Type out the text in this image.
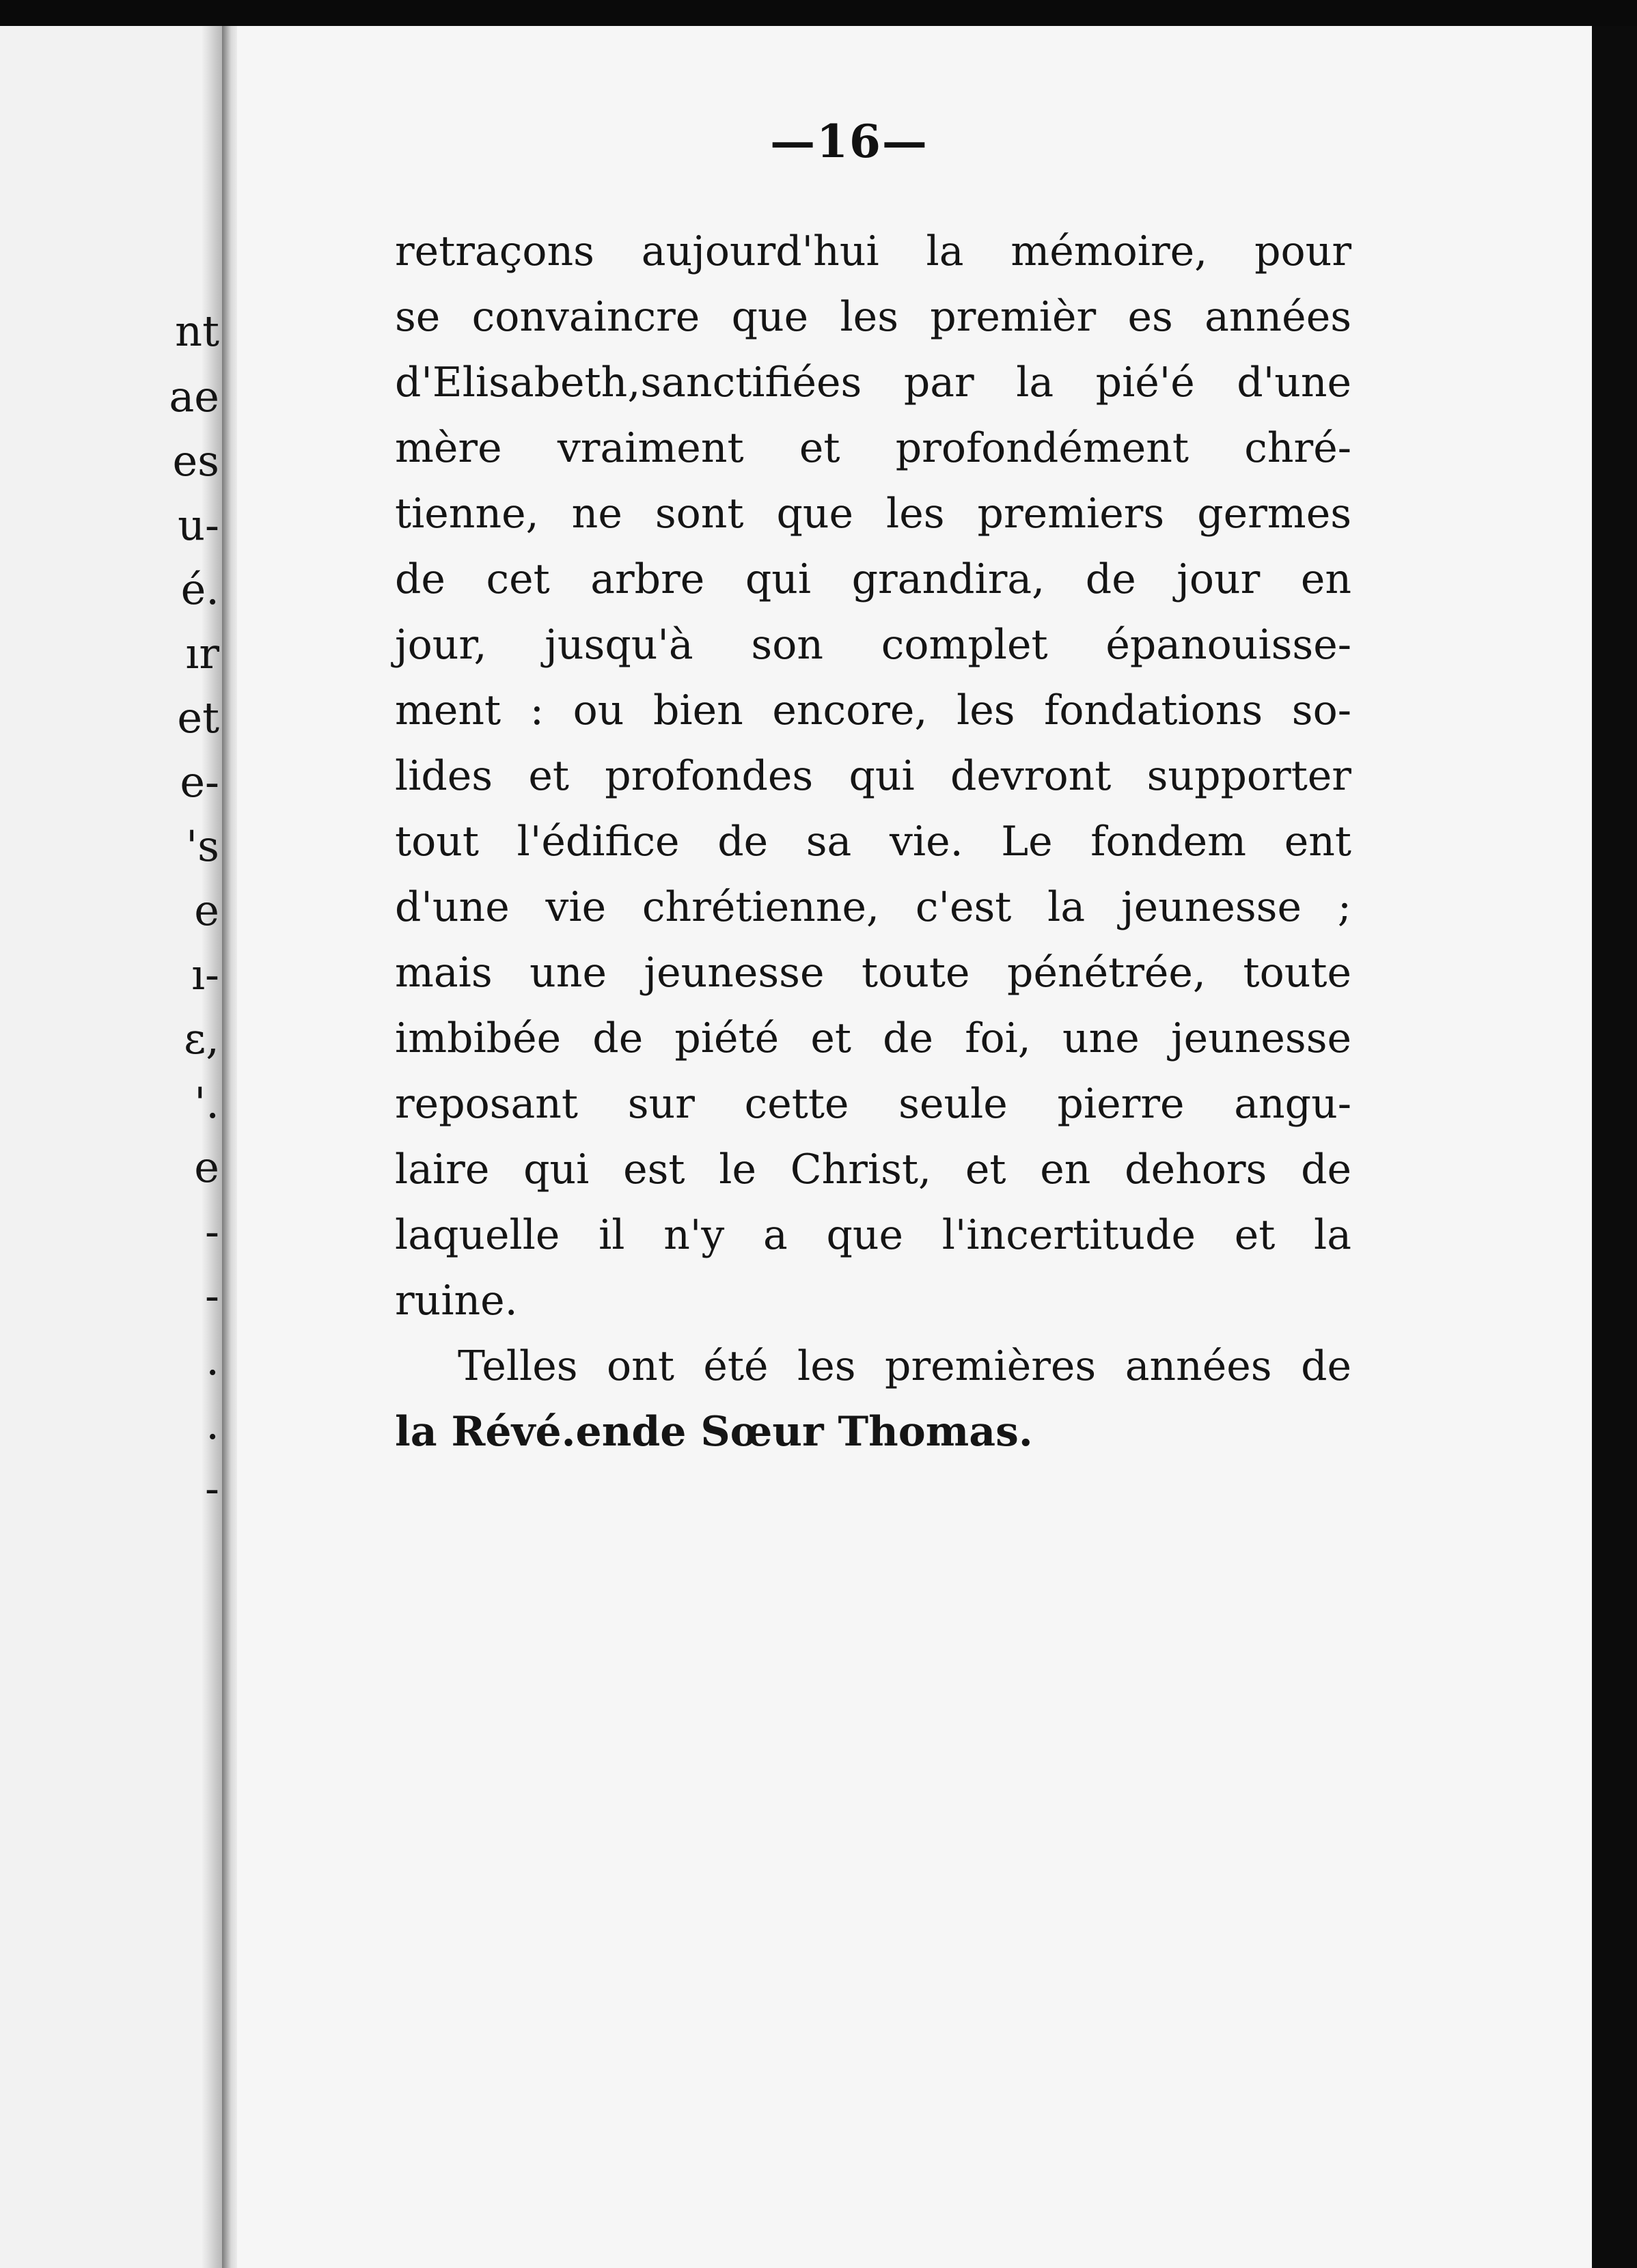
nt
ae
es
u-
é.
ır
et
e-
's
e
ı-
ɛ,
'.
e
-
-
.
.
-
—16—
retraçons aujourd'hui la mémoire, pour
se convaincre que les premièr es années
d'Elisabeth,sanctifiées par la pié'é d'une
mère vraiment et profondément chré-
tienne, ne sont que les premiers germes
de cet arbre qui grandira, de jour en
jour, jusqu'à son complet épanouisse-
ment : ou bien encore, les fondations so-
lides et profondes qui devront supporter
tout l'édifice de sa vie. Le fondem ent
d'une vie chrétienne, c'est la jeunesse ;
mais une jeunesse toute pénétrée, toute
imbibée de piété et de foi, une jeunesse
reposant sur cette seule pierre angu-
laire qui est le Christ, et en dehors de
laquelle il n'y a que l'incertitude et la
ruine.
Telles ont été les premières années de
la Révé.ende Sœur Thomas.
